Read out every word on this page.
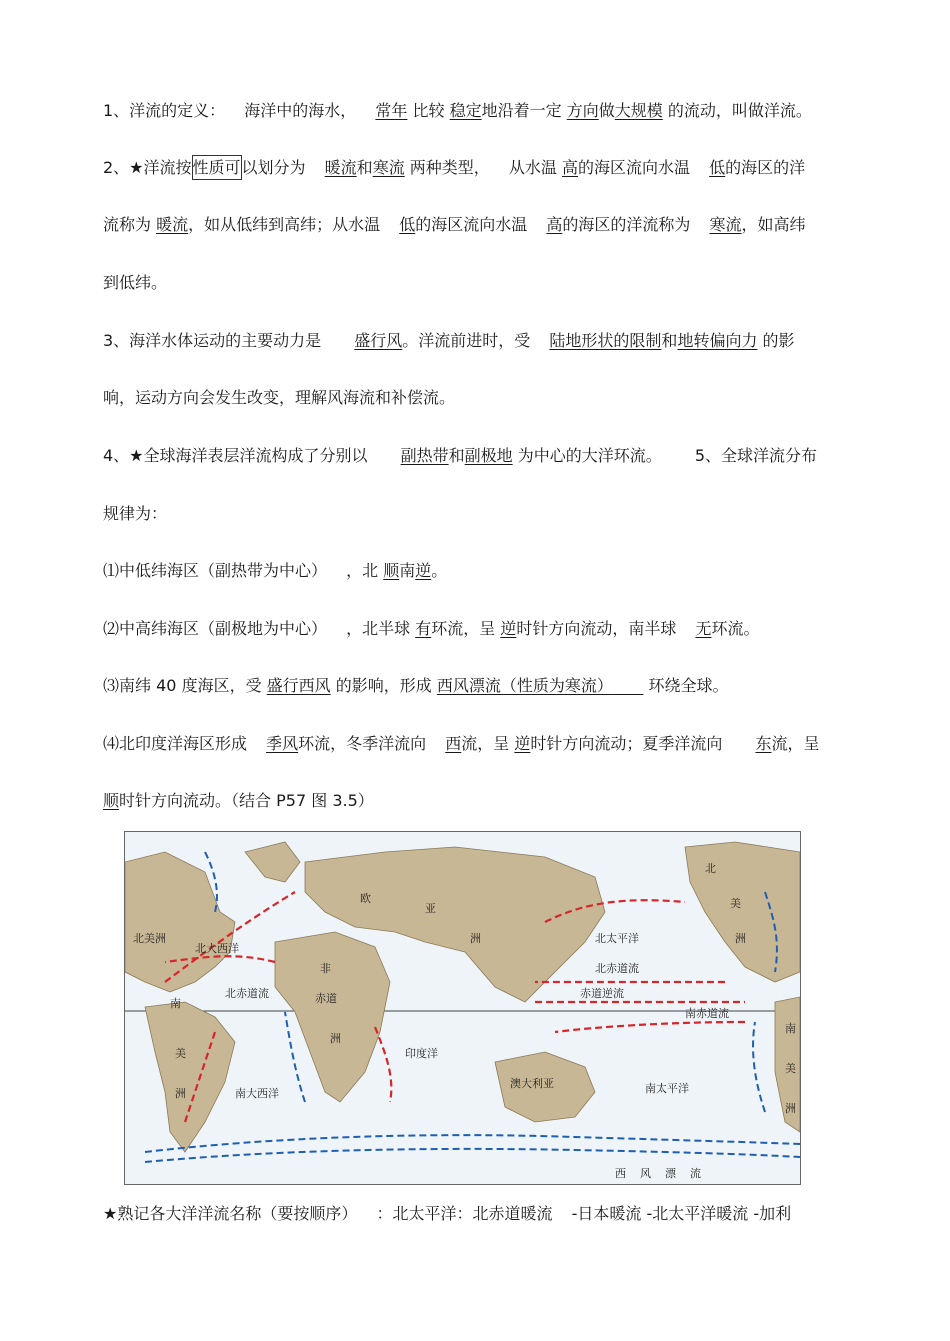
1、洋流的定义： 海洋中的海水， 常年 比较 稳定地沿着一定 方向做大规模 的流动，叫做洋流。
2、★洋流按性质可以划分为 暖流和寒流 两种类型， 从水温 高的海区流向水温 低的海区的洋
流称为 暖流，如从低纬到高纬；从水温 低的海区流向水温 高的海区的洋流称为 寒流，如高纬
到低纬。
3、海洋水体运动的主要动力是 盛行风。洋流前进时，受 陆地形状的限制和地转偏向力 的影
响，运动方向会发生改变，理解风海流和补偿流。
4、★全球海洋表层洋流构成了分别以 副热带和副极地 为中心的大洋环流。 5、全球洋流分布
规律为：
⑴中低纬海区（副热带为中心） ，北 顺南逆。
⑵中高纬海区（副极地为中心） ，北半球 有环流，呈 逆时针方向流动，南半球 无环流。
⑶南纬 40 度海区，受 盛行西风 的影响，形成 西风漂流（性质为寒流） 环绕全球。
⑷北印度洋海区形成 季风环流，冬季洋流向 西流，呈 逆时针方向流动；夏季洋流向 东流，呈
顺时针方向流动。（结合 P57 图 3.5）
北美洲
北大西洋
欧
亚
洲	北太平洋
北
美
洲
南
美
洲
赤道
北赤道流	赤道逆流
印度洋
澳大利亚	南太平洋
南大西洋
西 风 漂 流
北赤道流
南赤道流
非
洲
南
美
洲
★熟记各大洋洋流名称（要按顺序） ：北太平洋：北赤道暖流 -日本暖流 -北太平洋暖流 -加利
